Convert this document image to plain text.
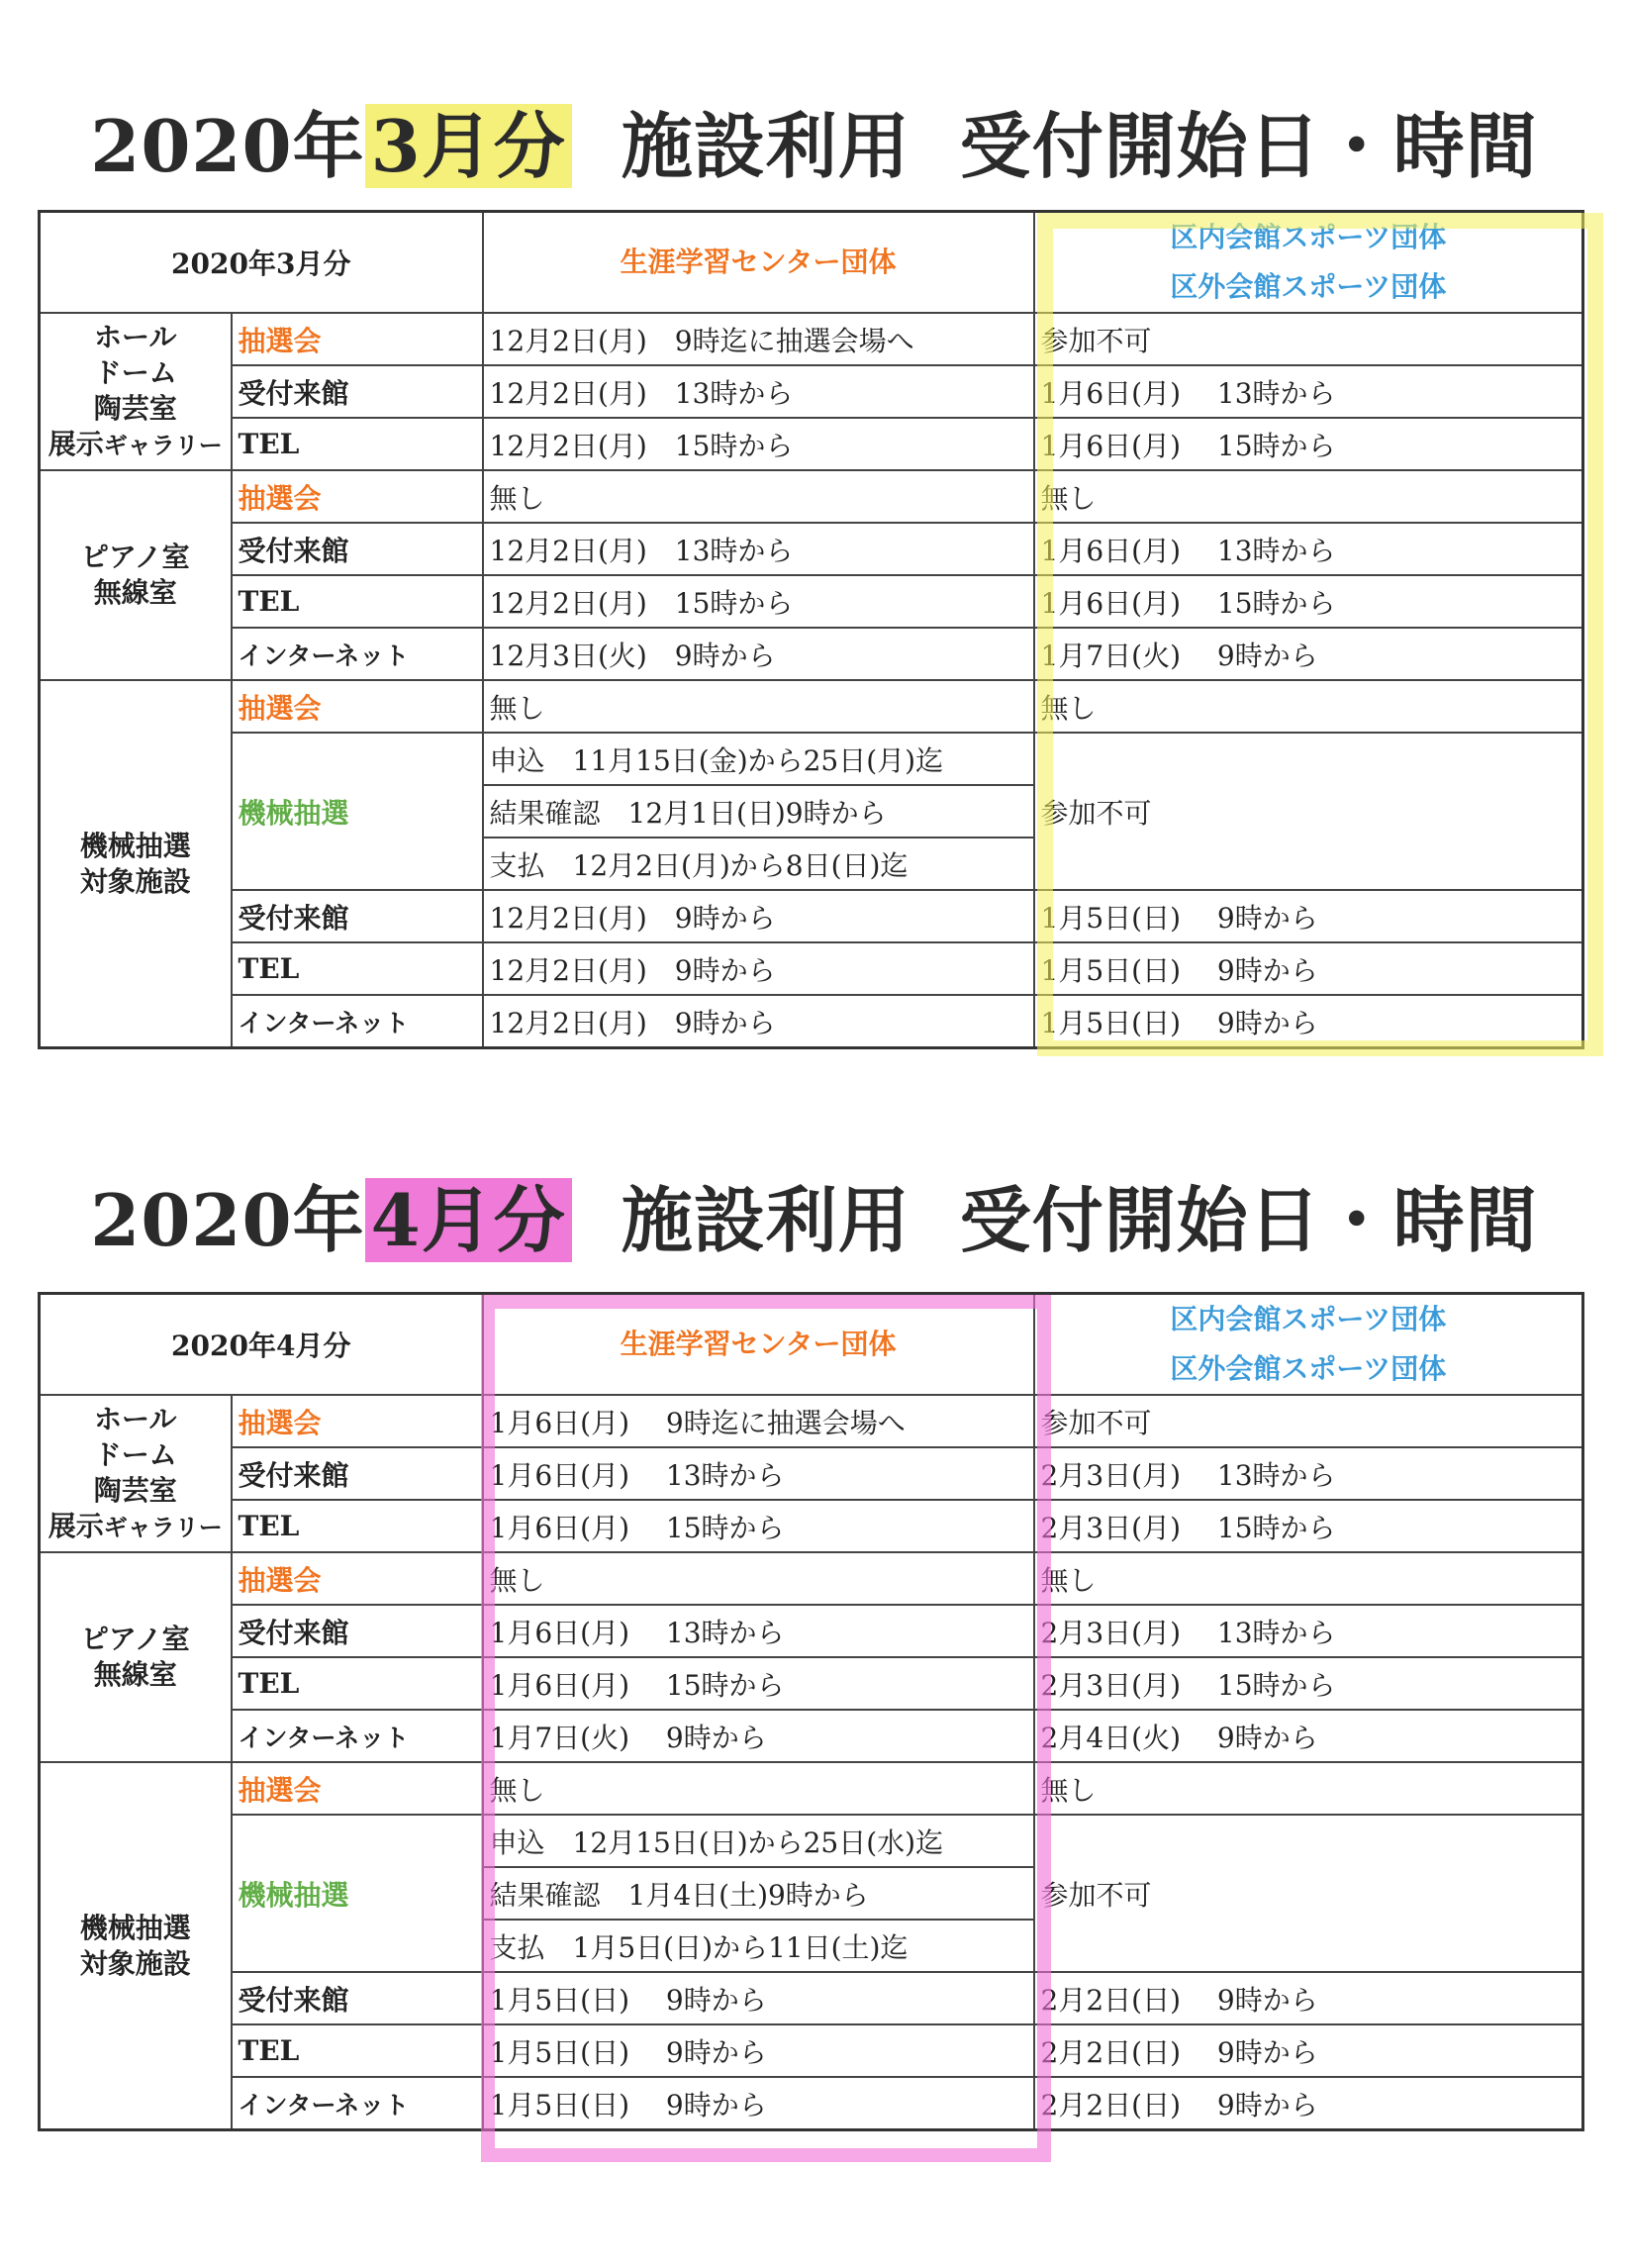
2020年3月分 施設利用 受付開始日・時間
2020年3月分		生涯学習センター団体	区内会館スポーツ団体
区外会館スポーツ団体

ホール
ドーム
陶芸室
展示ギャラリー	抽選会	12月2日(月)　9時迄に抽選会場へ	参加不可
	受付来館	12月2日(月)　13時から	1月6日(月)　 13時から
	TEL	12月2日(月)　15時から	1月6日(月)　 15時から

ピアノ室
無線室	抽選会	無し	無し
	受付来館	12月2日(月)　13時から	1月6日(月)　 13時から
	TEL	12月2日(月)　15時から	1月6日(月)　 15時から
	インターネット	12月3日(火)　9時から	1月7日(火)　 9時から

機械抽選
対象施設	抽選会	無し	無し
	機械抽選	申込　11月15日(金)から25日(月)迄	参加不可
		結果確認　12月1日(日)9時から	
		支払　12月2日(月)から8日(日)迄	
	受付来館	12月2日(月)　9時から	1月5日(日)　 9時から
	TEL	12月2日(月)　9時から	1月5日(日)　 9時から
	インターネット	12月2日(月)　9時から	1月5日(日)　 9時から
2020年4月分 施設利用 受付開始日・時間
2020年4月分		生涯学習センター団体	区内会館スポーツ団体
区外会館スポーツ団体

ホール
ドーム
陶芸室
展示ギャラリー	抽選会	1月6日(月)　 9時迄に抽選会場へ	参加不可
	受付来館	1月6日(月)　 13時から	2月3日(月)　 13時から
	TEL	1月6日(月)　 15時から	2月3日(月)　 15時から

ピアノ室
無線室	抽選会	無し	無し
	受付来館	1月6日(月)　 13時から	2月3日(月)　 13時から
	TEL	1月6日(月)　 15時から	2月3日(月)　 15時から
	インターネット	1月7日(火)　 9時から	2月4日(火)　 9時から

機械抽選
対象施設	抽選会	無し	無し
	機械抽選	申込　12月15日(日)から25日(水)迄	参加不可
		結果確認　1月4日(土)9時から	
		支払　1月5日(日)から11日(土)迄	
	受付来館	1月5日(日)　 9時から	2月2日(日)　 9時から
	TEL	1月5日(日)　 9時から	2月2日(日)　 9時から
	インターネット	1月5日(日)　 9時から	2月2日(日)　 9時から
